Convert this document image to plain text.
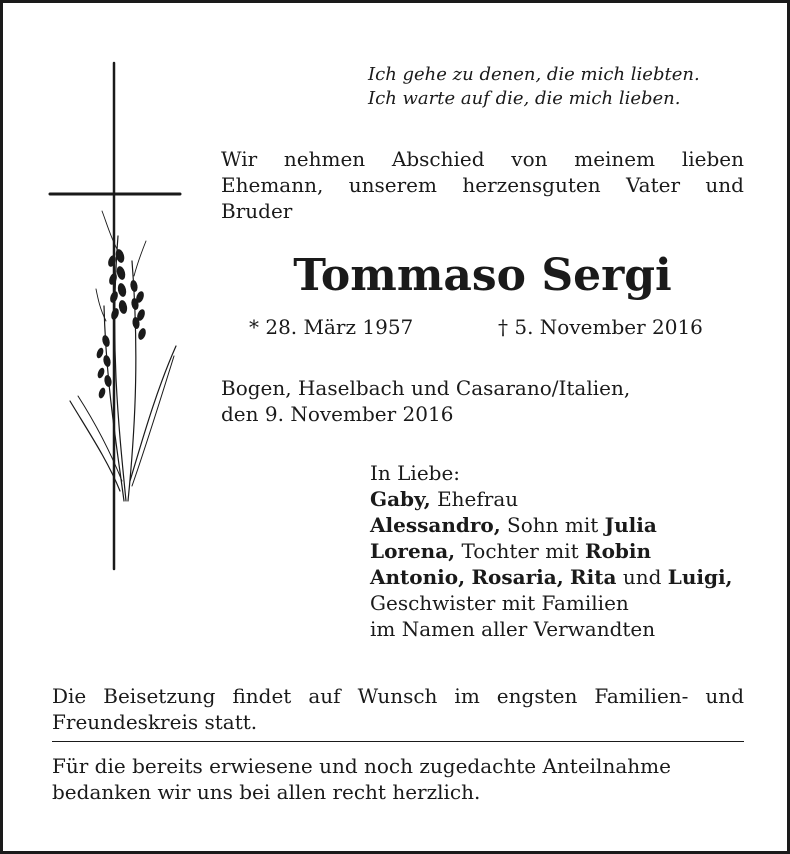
Ich gehe zu denen, die mich liebten.
Ich warte auf die, die mich lieben.
Wir nehmen Abschied von meinem lieben Ehemann, unserem herzensguten Vater und Bruder
Tommaso Sergi
* 28. März 1957	† 5. November 2016
Bogen, Haselbach und Casarano/Italien,
den 9. November 2016
In Liebe:
Gaby, Ehefrau
Alessandro, Sohn mit Julia
Lorena, Tochter mit Robin
Antonio, Rosaria, Rita und Luigi,
Geschwister mit Familien
im Namen aller Verwandten
Die Beisetzung findet auf Wunsch im engsten Familien- und Freundeskreis statt.
Für die bereits erwiesene und noch zugedachte Anteilnahme bedanken wir uns bei allen recht herzlich.
